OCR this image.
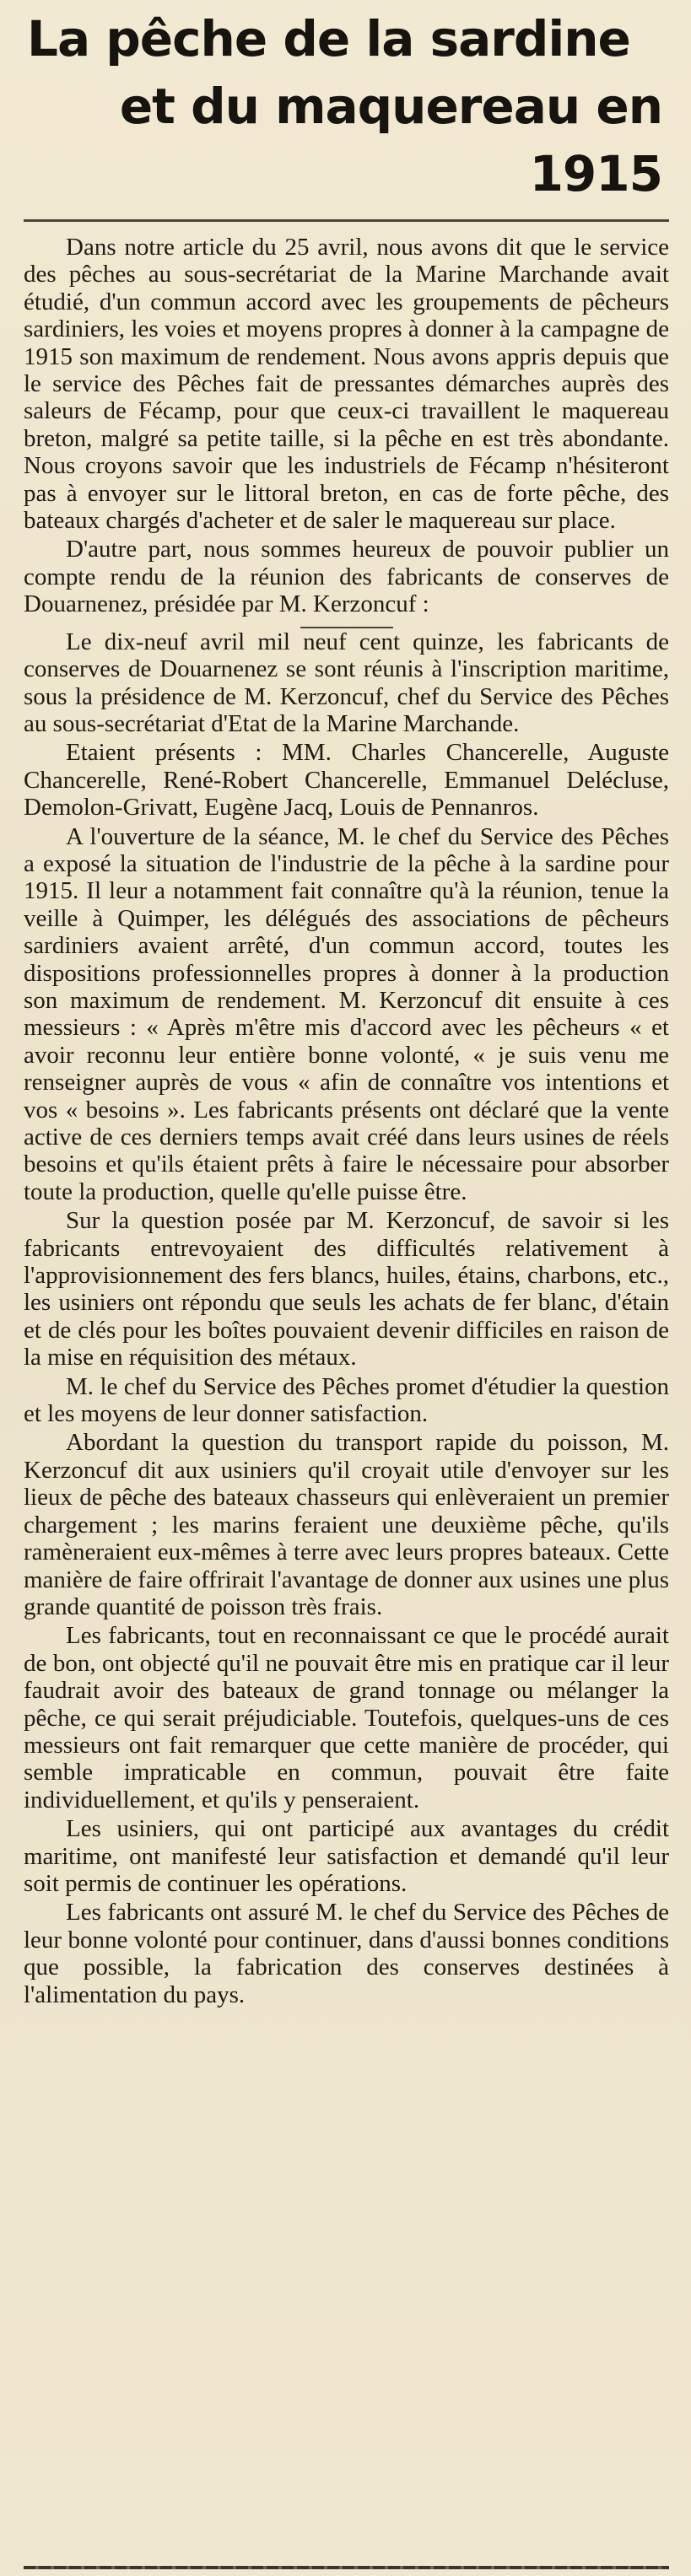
La pêche de la sardine
et du maquereau en 1915

Dans notre article du 25 avril, nous avons dit que le service des pêches au sous-secrétariat de la Marine Marchande avait étudié, d'un commun accord avec les groupements de pêcheurs sardiniers, les voies et moyens propres à donner à la campagne de 1915 son maximum de rendement. Nous avons appris depuis que le service des Pêches fait de pressantes démarches auprès des saleurs de Fécamp, pour que ceux-ci travaillent le maquereau breton, malgré sa petite taille, si la pêche en est très abondante. Nous croyons savoir que les industriels de Fécamp n'hésiteront pas à envoyer sur le littoral breton, en cas de forte pêche, des bateaux chargés d'acheter et de saler le maquereau sur place.

D'autre part, nous sommes heureux de pouvoir publier un compte rendu de la réunion des fabricants de conserves de Douarnenez, présidée par M. Kerzoncuf :

Le dix-neuf avril mil neuf cent quinze, les fabricants de conserves de Douarnenez se sont réunis à l'inscription maritime, sous la présidence de M. Kerzoncuf, chef du Service des Pêches au sous-secrétariat d'Etat de la Marine Marchande.

Etaient présents : MM. Charles Chancerelle, Auguste Chancerelle, René-Robert Chancerelle, Emmanuel Delécluse, Demolon-Grivatt, Eugène Jacq, Louis de Pennanros.

A l'ouverture de la séance, M. le chef du Service des Pêches a exposé la situation de l'industrie de la pêche à la sardine pour 1915. Il leur a notamment fait connaître qu'à la réunion, tenue la veille à Quimper, les délégués des associations de pêcheurs sardiniers avaient arrêté, d'un commun accord, toutes les dispositions professionnelles propres à donner à la production son maximum de rendement. M. Kerzoncuf dit ensuite à ces messieurs : « Après m'être mis d'accord avec les pêcheurs « et avoir reconnu leur entière bonne volonté, « je suis venu me renseigner auprès de vous « afin de connaître vos intentions et vos « besoins ». Les fabricants présents ont déclaré que la vente active de ces derniers temps avait créé dans leurs usines de réels besoins et qu'ils étaient prêts à faire le nécessaire pour absorber toute la production, quelle qu'elle puisse être.

Sur la question posée par M. Kerzoncuf, de savoir si les fabricants entrevoyaient des difficultés relativement à l'approvisionnement des fers blancs, huiles, étains, charbons, etc., les usiniers ont répondu que seuls les achats de fer blanc, d'étain et de clés pour les boîtes pouvaient devenir difficiles en raison de la mise en réquisition des métaux.

M. le chef du Service des Pêches promet d'étudier la question et les moyens de leur donner satisfaction.

Abordant la question du transport rapide du poisson, M. Kerzoncuf dit aux usiniers qu'il croyait utile d'envoyer sur les lieux de pêche des bateaux chasseurs qui enlèveraient un premier chargement ; les marins feraient une deuxième pêche, qu'ils ramèneraient eux-mêmes à terre avec leurs propres bateaux. Cette manière de faire offrirait l'avantage de donner aux usines une plus grande quantité de poisson très frais.

Les fabricants, tout en reconnaissant ce que le procédé aurait de bon, ont objecté qu'il ne pouvait être mis en pratique car il leur faudrait avoir des bateaux de grand tonnage ou mélanger la pêche, ce qui serait préjudiciable. Toutefois, quelques-uns de ces messieurs ont fait remarquer que cette manière de procéder, qui semble impraticable en commun, pouvait être faite individuellement, et qu'ils y penseraient.

Les usiniers, qui ont participé aux avantages du crédit maritime, ont manifesté leur satisfaction et demandé qu'il leur soit permis de continuer les opérations.

Les fabricants ont assuré M. le chef du Service des Pêches de leur bonne volonté pour continuer, dans d'aussi bonnes conditions que possible, la fabrication des conserves destinées à l'alimentation du pays.
